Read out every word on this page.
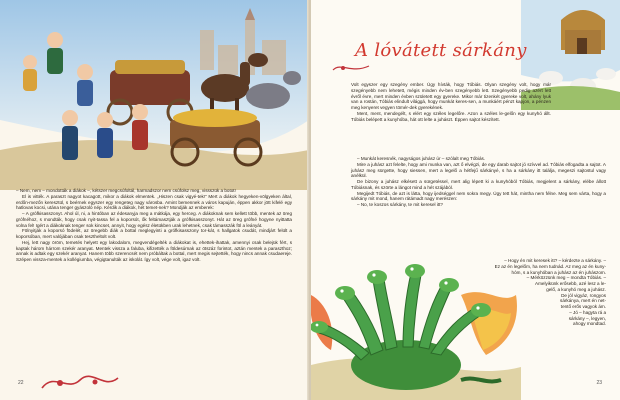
– Nem, nem – mondották a diákok –, kétszer megcsúfoltál, harmadszor nem csúfolsz meg, vissszük a botot!

El is vitték. A paraszt nagyot kacagott, mikor a diákok elmentek. „Hiszen csak vigyé-tek!” Mert a diákok hegyeken-völgyeken által, erdőn-mezőn keresztül, s beérnek egyszer egy rengeteg nagy városba. Amint bemennek a város kapuján, éppen akkor jött kifelé egy hatlovas kocsi, utána tenger gyászoló nép. Kérdik a diákok, hét temet-nek? Mondják az emberek:

– A grófkisasszonyt. Ahol úl, ni, a hintóban az édesanyja meg a mátkája, egy herceg. A diákoknak sem kellett több, mentek az öreg grófnéhoz, s mondták, hogy csak nyit-tassa fel a koporsót, ők feltámasztják a grófkisasszonyt. Hát az öreg grófné hogyne nyittatta volna fel! Igért a diákoknak tenger sok kincset, annyit, hogy egész életükben urak lehetnek, csak támasszák föl a leányát.

Fölnyitják a koporsó födelét, az öregebb diák a bottal meglegyinti a grófkisasszony tor-kát, s hallgatok csudát, mindjárt felült a koporsóban, mert valójában csak tesztheltolt volt.

Hej, lett nagy öröm, temetés helyett egy lakodalom, megvendégelték a diákokat is, ehettek-ihattak, amennyi csak belejük fért, s kaptak három hárrom szekér aranyat. Mentek vissza a faluba, kifizették a földesúrnak az ötszáz forintot, aztán mentek a paraszthoz; annak is adtak egy szekér aranyat. Hanem több szerencsét nem próbáltak a bottal, mert megis sejtették, hogy nincs annak csudaereje. Szépen vissza-mentek a kollégiumba, végigtanulták az iskolát. Így volt, vége volt, igaz volt.

22
A lóvátett sárkány

Volt egyszer egy szegény ember. Úgy hívták, hogy Tóbiás. Olyan szegény volt, hogy már szegényebb nem lehetett, mégis minden év-ben szegényebb lett. Szegényebb pedig azért lett évről évre, mert minden évben született egy gyereke. Mikor már tizenkét gyereke volt, ahány lyuk van a rostán, Tóbiás elindult világgá, hogy munkát keres-sen, a munkáért pénzt kapjon, a pénzen meg kenyeret vegyen tömér-dek gyerekének.

Ment, ment, mendegélt, s elért egy széles legelőre. Azon a széles le-gelőn egy kunyhó állt. Tóbiás belépett a kunyhóba, hát ott lelte a juhászt. Éppen sajtot készített.

– Munkát keresnék, nagyságos juhász úr – szólalt meg Tóbiás.

Mire a juhász azt felelte, hogy ami munka van, azt ő elvégzi, de egy darab sajtot jó szívvel ad. Tóbiás elfogadta a sajtot. A juhász meg sürgette, hogy siessen, mert a legelő a hétfejű sárkányé, s ha a sárkány itt találja, megeszi sajtostul vagy anélkül.

De bizony a juhász elkésett a sürgetéssel, mert alig lépett ki a kunyhóból Tóbiás, megjelent a sárkány, elébe állott Tóbiásnak, és szörte a lángot mind a hét szájából.

Megijedt Tóbiás, de azt is látta, hogy ijedséggel nem sokra megy. Úgy tett hát, mintha nem félne. Meg sem várta, hogy a sárkány mit mond, hanem rátámadt nagy merészen:

– No, te koszos sárkány, te mit keresel itt?

– Hogy én mit keresek itt? – kérdezte a sárkány. –
Ez az én legelőm, ha nem tudnád. Az meg az én kuny-
hóm, s a kunyhóban a juhász az én juhászom.
– Mérközzünk meg – mondta Tóbiás. –
Amelyikünk erősebb, azé lesz a le-
gelő, a kunyhó meg a juhász.
De jól vigyáz, rongyos
sárkánya, mert én net-
tentő erős vagyok ám.
– Jó – hagyta rá a
sárkány –, legyen,
ahogy mondtad.
23
